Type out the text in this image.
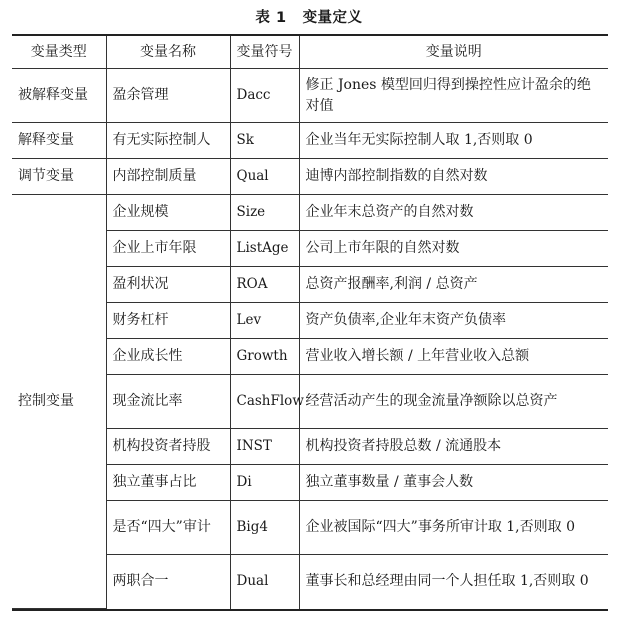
表 1 变量定义
变量类型	变量名称	变量符号	变量说明
被解释变量	盈余管理	Dacc	修正 Jones 模型回归得到操控性应计盈余的绝对值
解释变量	有无实际控制人	Sk	企业当年无实际控制人取 1,否则取 0
调节变量	内部控制质量	Qual	迪博内部控制指数的自然对数
控制变量	企业规模	Size	企业年末总资产的自然对数
	企业上市年限	ListAge	公司上市年限的自然对数
	盈利状况	ROA	总资产报酬率,利润 / 总资产
	财务杠杆	Lev	资产负债率,企业年末资产负债率
	企业成长性	Growth	营业收入增长额 / 上年营业收入总额
	现金流比率	CashFlow	经营活动产生的现金流量净额除以总资产
	机构投资者持股	INST	机构投资者持股总数 / 流通股本
	独立董事占比	Di	独立董事数量 / 董事会人数
	是否“四大”审计	Big4	企业被国际“四大”事务所审计取 1,否则取 0
	两职合一	Dual	董事长和总经理由同一个人担任取 1,否则取 0
